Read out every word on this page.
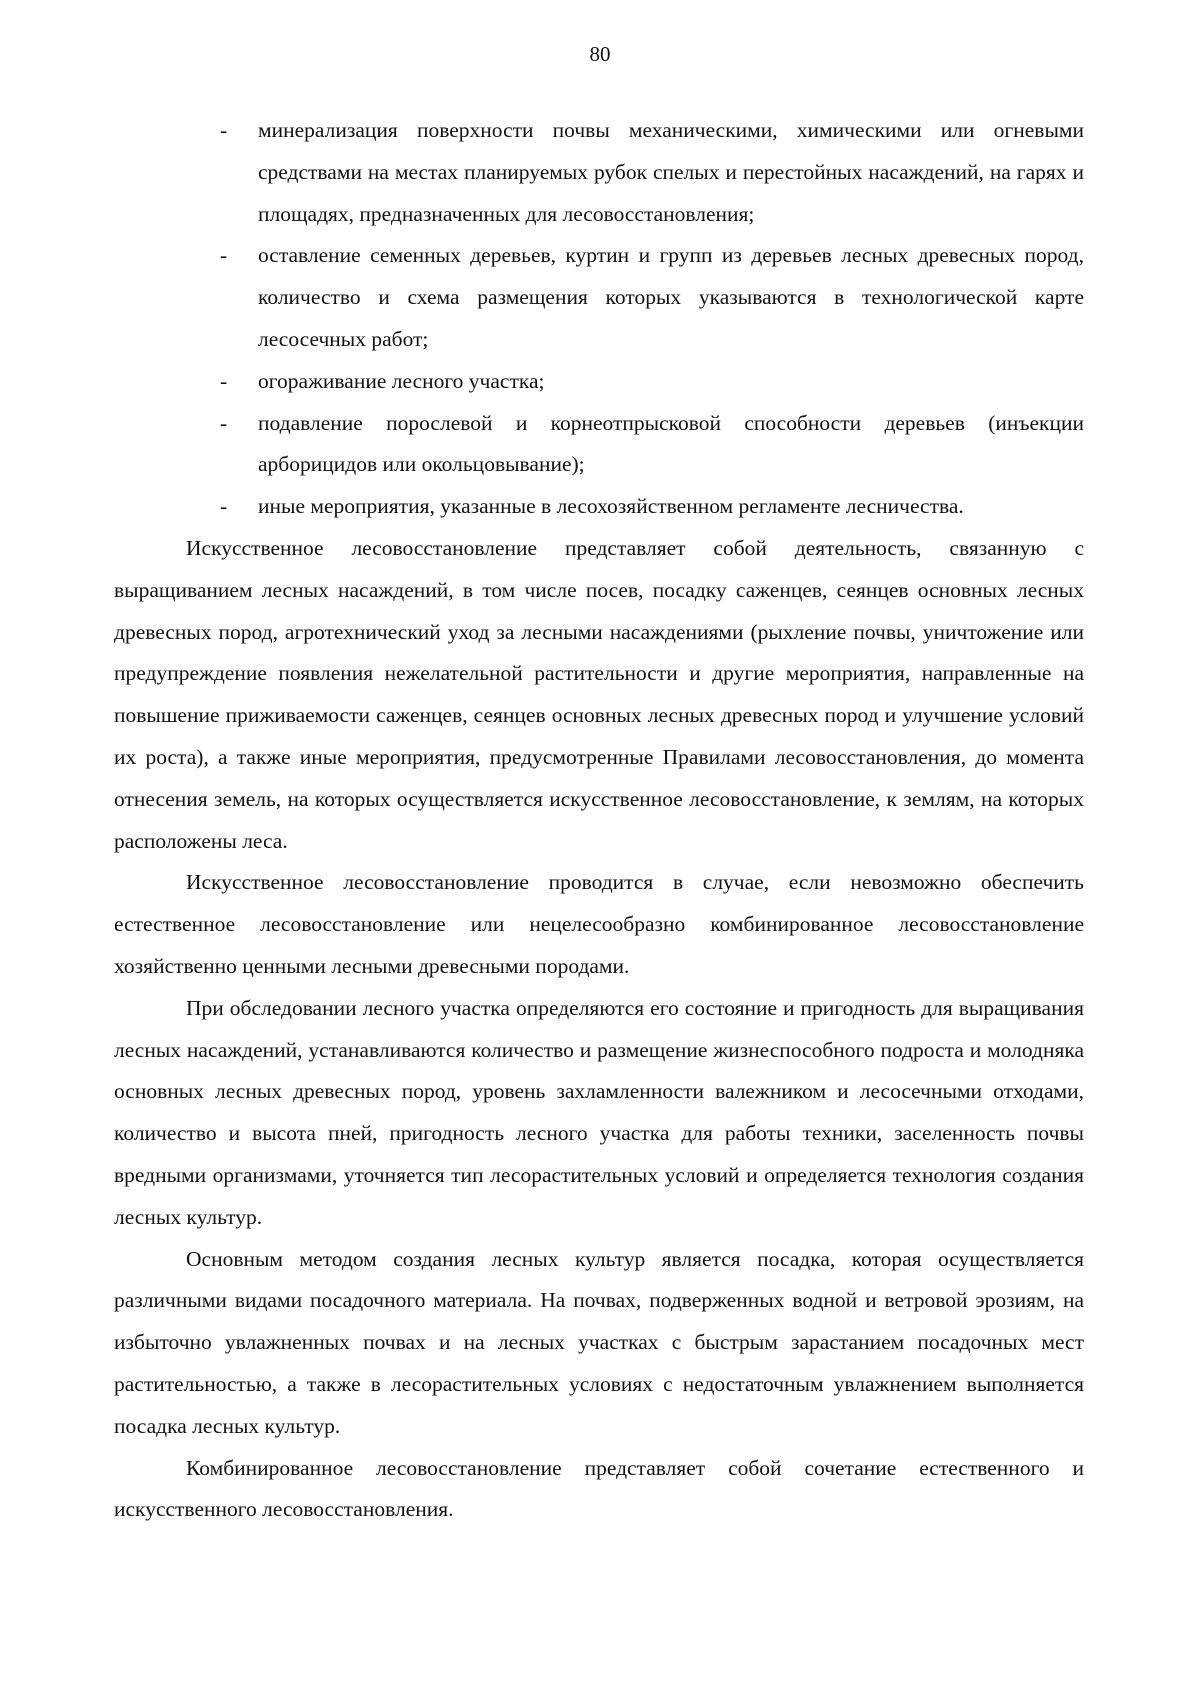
80
- минерализация поверхности почвы механическими, химическими или огневыми средствами на местах планируемых рубок спелых и перестойных насаждений, на гарях и площадях, предназначенных для лесовосстановления;
- оставление семенных деревьев, куртин и групп из деревьев лесных древесных пород, количество и схема размещения которых указываются в технологической карте лесосечных работ;
- огораживание лесного участка;
- подавление порослевой и корнеотпрысковой способности деревьев (инъекции арборицидов или окольцовывание);
- иные мероприятия, указанные в лесохозяйственном регламенте лесничества.

Искусственное лесовосстановление представляет собой деятельность, связанную с выращиванием лесных насаждений, в том числе посев, посадку саженцев, сеянцев основных лесных древесных пород, агротехнический уход за лесными насаждениями (рыхление почвы, уничтожение или предупреждение появления нежелательной растительности и другие мероприятия, направленные на повышение приживаемости саженцев, сеянцев основных лесных древесных пород и улучшение условий их роста), а также иные мероприятия, предусмотренные Правилами лесовосстановления, до момента отнесения земель, на которых осуществляется искусственное лесовосстановление, к землям, на которых расположены леса.

Искусственное лесовосстановление проводится в случае, если невозможно обеспечить естественное лесовосстановление или нецелесообразно комбинированное лесовосстановление хозяйственно ценными лесными древесными породами.

При обследовании лесного участка определяются его состояние и пригодность для выращивания лесных насаждений, устанавливаются количество и размещение жизнеспособного подроста и молодняка основных лесных древесных пород, уровень захламленности валежником и лесосечными отходами, количество и высота пней, пригодность лесного участка для работы техники, заселенность почвы вредными организмами, уточняется тип лесорастительных условий и определяется технология создания лесных культур.

Основным методом создания лесных культур является посадка, которая осуществляется различными видами посадочного материала. На почвах, подверженных водной и ветровой эрозиям, на избыточно увлажненных почвах и на лесных участках с быстрым зарастанием посадочных мест растительностью, а также в лесорастительных условиях с недостаточным увлажнением выполняется посадка лесных культур.

Комбинированное лесовосстановление представляет собой сочетание естественного и искусственного лесовосстановления.
